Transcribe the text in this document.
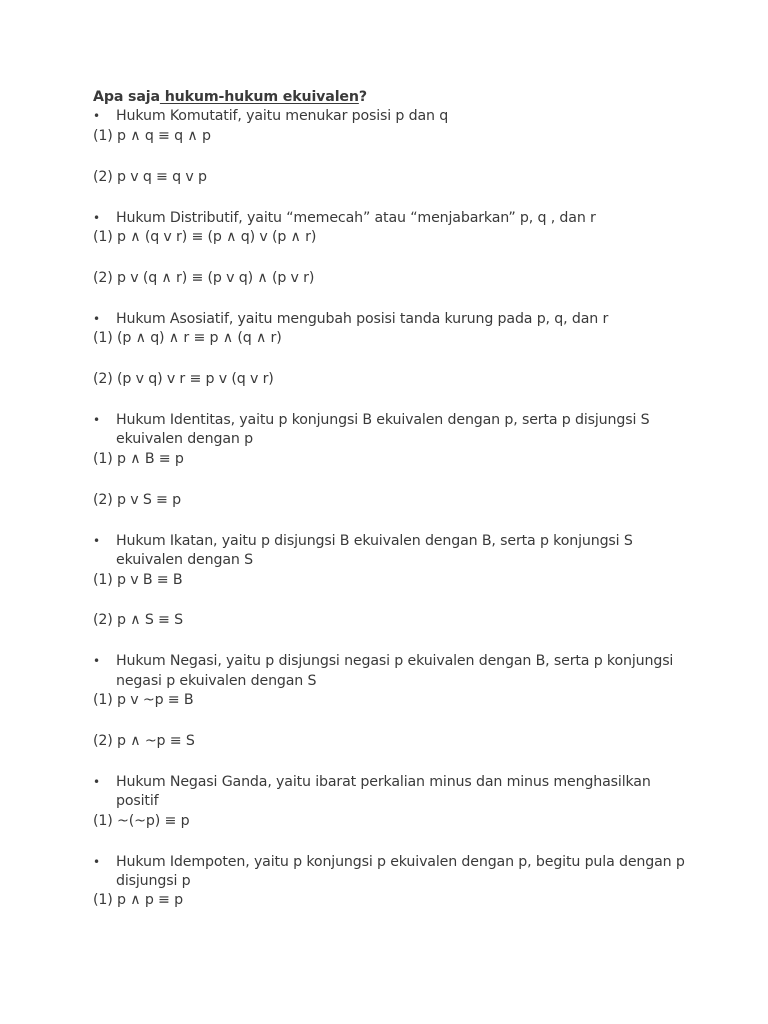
Apa saja hukum-hukum ekuivalen?
•	Hukum Komutatif, yaitu menukar posisi p dan q
(1) p ∧ q ≡ q ∧ p
(2) p v q ≡ q v p
•	Hukum Distributif, yaitu “memecah” atau “menjabarkan” p, q , dan r
(1) p ∧ (q v r) ≡ (p ∧ q) v (p ∧ r)
(2) p v (q ∧ r) ≡ (p v q) ∧ (p v r)
•	Hukum Asosiatif, yaitu mengubah posisi tanda kurung pada p, q, dan r
(1) (p ∧ q) ∧ r ≡ p ∧ (q ∧ r)
(2) (p v q) v r ≡ p v (q v r)
•	Hukum Identitas, yaitu p konjungsi B ekuivalen dengan p, serta p disjungsi S ekuivalen dengan p
(1) p ∧ B ≡ p
(2) p v S ≡ p
•	Hukum Ikatan, yaitu p disjungsi B ekuivalen dengan B, serta p konjungsi S ekuivalen dengan S
(1) p v B ≡ B
(2) p ∧ S ≡ S
•	Hukum Negasi, yaitu p disjungsi negasi p ekuivalen dengan B, serta p konjungsi negasi p ekuivalen dengan S
(1) p v ~p ≡ B
(2) p ∧ ~p ≡ S
•	Hukum Negasi Ganda, yaitu ibarat perkalian minus dan minus menghasilkan positif
(1) ~(~p) ≡ p
•	Hukum Idempoten, yaitu p konjungsi p ekuivalen dengan p, begitu pula dengan p disjungsi p
(1) p ∧ p ≡ p
